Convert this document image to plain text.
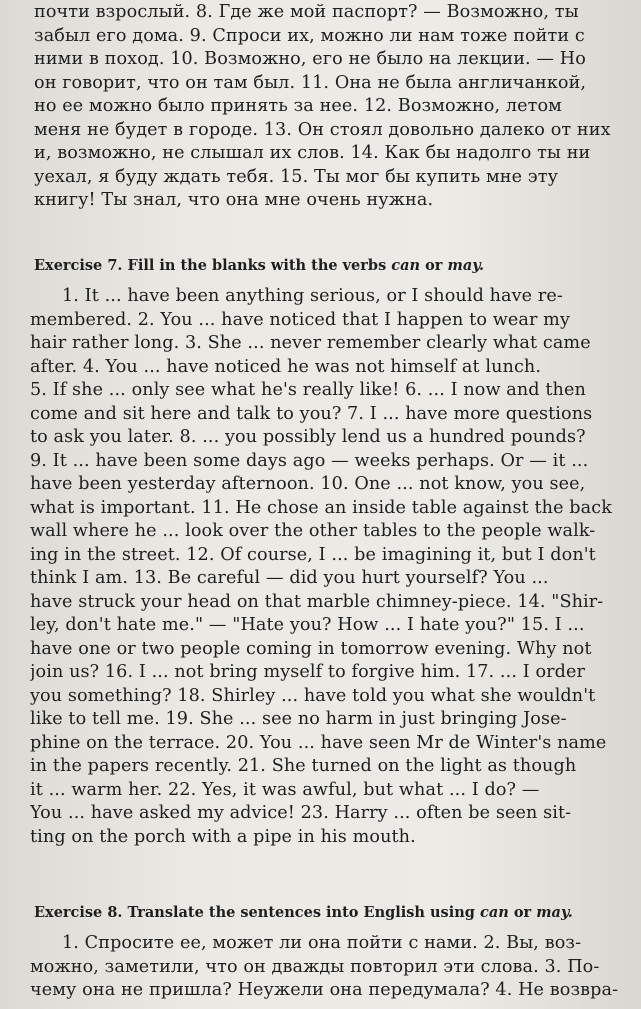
почти взрослый. 8. Где же мой паспорт? — Возможно, ты
забыл его дома. 9. Спроси их, можно ли нам тоже пойти с
ними в поход. 10. Возможно, его не было на лекции. — Но
он говорит, что он там был. 11. Она не была англичанкой,
но ее можно было принять за нее. 12. Возможно, летом
меня не будет в городе. 13. Он стоял довольно далеко от них
и, возможно, не слышал их слов. 14. Как бы надолго ты ни
уехал, я буду ждать тебя. 15. Ты мог бы купить мне эту
книгу! Ты знал, что она мне очень нужна.
Exercise 7. Fill in the blanks with the verbs can or may.
1. It ... have been anything serious, or I should have re-
membered. 2. You ... have noticed that I happen to wear my
hair rather long. 3. She ... never remember clearly what came
after. 4. You ... have noticed he was not himself at lunch.
5. If she ... only see what he's really like! 6. ... I now and then
come and sit here and talk to you? 7. I ... have more questions
to ask you later. 8. ... you possibly lend us a hundred pounds?
9. It ... have been some days ago — weeks perhaps. Or — it ...
have been yesterday afternoon. 10. One ... not know, you see,
what is important. 11. He chose an inside table against the back
wall where he ... look over the other tables to the people walk-
ing in the street. 12. Of course, I ... be imagining it, but I don't
think I am. 13. Be careful — did you hurt yourself? You ...
have struck your head on that marble chimney-piece. 14. "Shir-
ley, don't hate me." — "Hate you? How ... I hate you?" 15. I ...
have one or two people coming in tomorrow evening. Why not
join us? 16. I ... not bring myself to forgive him. 17. ... I order
you something? 18. Shirley ... have told you what she wouldn't
like to tell me. 19. She ... see no harm in just bringing Jose-
phine on the terrace. 20. You ... have seen Mr de Winter's name
in the papers recently. 21. She turned on the light as though
it ... warm her. 22. Yes, it was awful, but what ... I do? —
You ... have asked my advice! 23. Harry ... often be seen sit-
ting on the porch with a pipe in his mouth.
Exercise 8. Translate the sentences into English using can or may.
1. Спросите ее, может ли она пойти с нами. 2. Вы, воз-
можно, заметили, что он дважды повторил эти слова. 3. По-
чему она не пришла? Неужели она передумала? 4. Не возвра-
